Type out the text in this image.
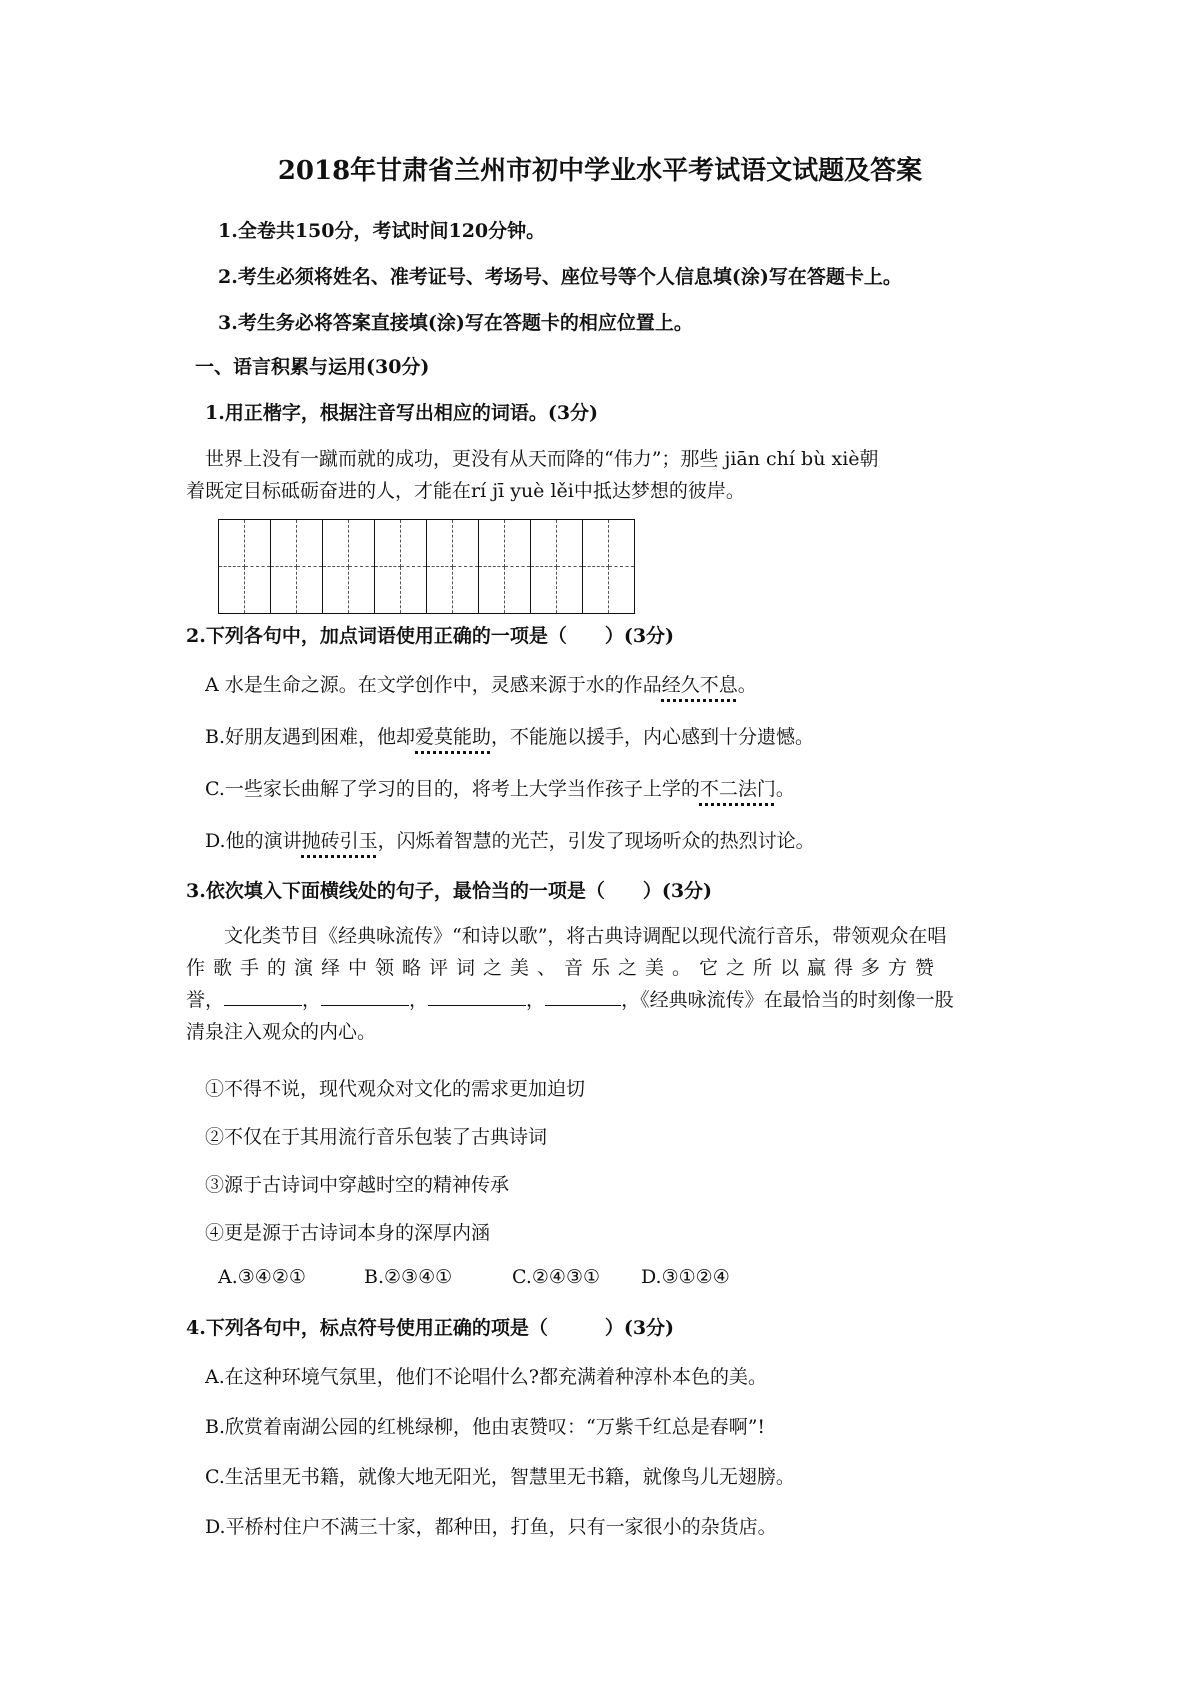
2018年甘肃省兰州市初中学业水平考试语文试题及答案
1.全卷共150分，考试时间120分钟。
2.考生必须将姓名、准考证号、考场号、座位号等个人信息填(涂)写在答题卡上。
3.考生务必将答案直接填(涂)写在答题卡的相应位置上。
一、语言积累与运用(30分)
1.用正楷字，根据注音写出相应的词语。(3分)
世界上没有一蹴而就的成功，更没有从天而降的“伟力”；那些 jiān chí bù xiè朝
着既定目标砥砺奋进的人，才能在rí jī yuè lěi中抵达梦想的彼岸。

2.下列各句中，加点词语使用正确的一项是（　　）(3分)
A 水是生命之源。在文学创作中，灵感来源于水的作品经久不息。
B.好朋友遇到困难，他却爱莫能助，不能施以援手，内心感到十分遗憾。
C.一些家长曲解了学习的目的，将考上大学当作孩子上学的不二法门。
D.他的演讲抛砖引玉，闪烁着智慧的光芒，引发了现场听众的热烈讨论。
3.依次填入下面横线处的句子，最恰当的一项是（　　）(3分)
文化类节目《经典咏流传》“和诗以歌”，将古典诗调配以现代流行音乐，带领观众在唱
作歌手的演绎中领略评词之美、音乐之美。它之所以赢得多方赞
誉，	，	，	，	，《经典咏流传》在最恰当的时刻像一股
清泉注入观众的内心。
①不得不说，现代观众对文化的需求更加迫切
②不仅在于其用流行音乐包装了古典诗词
③源于古诗词中穿越时空的精神传承
④更是源于古诗词本身的深厚内涵
A.③④②①	B.②③④①	C.②④③① D.③①②④
4.下列各句中，标点符号使用正确的项是（　　　）(3分)
A.在这种环境气氛里，他们不论唱什么?都充满着种淳朴本色的美。
B.欣赏着南湖公园的红桃绿柳，他由衷赞叹：“万紫千红总是春啊”!
C.生活里无书籍，就像大地无阳光，智慧里无书籍，就像鸟儿无翅膀。
D.平桥村住户不满三十家，都种田，打鱼，只有一家很小的杂货店。
